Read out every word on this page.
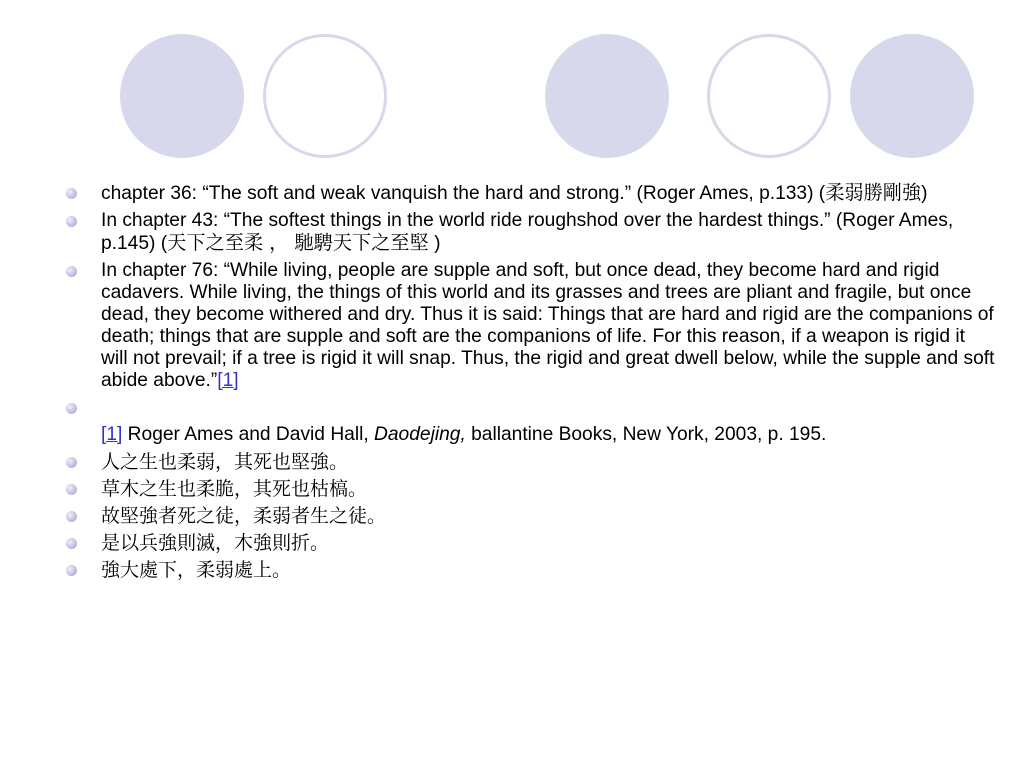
chapter 36: “The soft and weak vanquish the hard and strong.” (Roger Ames, p.133) (柔弱勝剛強)
In chapter 43: “The softest things in the world ride roughshod over the hardest things.” (Roger Ames, p.145) (天下之至柔 ， 馳騁天下之至堅 )
In chapter 76: “While living, people are supple and soft, but once dead, they become hard and rigid cadavers. While living, the things of this world and its grasses and trees are pliant and fragile, but once dead, they become withered and dry. Thus it is said: Things that are hard and rigid are the companions of death; things that are supple and soft are the companions of life. For this reason, if a weapon is rigid it will not prevail; if a tree is rigid it will snap. Thus, the rigid and great dwell below, while the supple and soft abide above.”[1]
[1] Roger Ames and David Hall, Daodejing, ballantine Books, New York, 2003, p. 195.
人之生也柔弱，其死也堅強。
草木之生也柔脆，其死也枯槁。
故堅強者死之徒，柔弱者生之徒。
是以兵強則滅，木強則折。
強大處下，柔弱處上。
